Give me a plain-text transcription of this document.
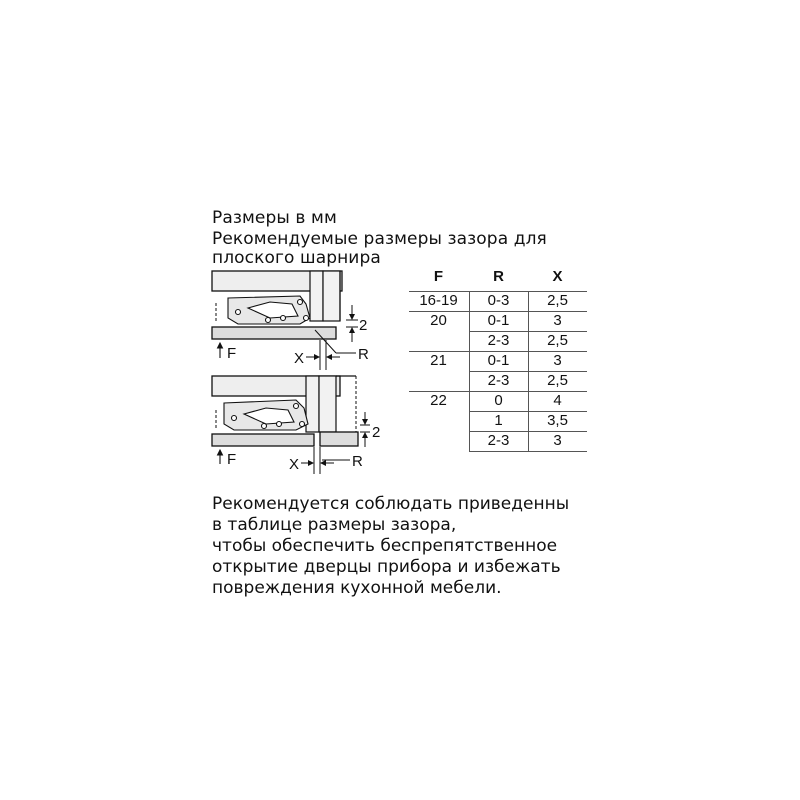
Размеры в мм
Рекомендуемые размеры зазора для
плоского шарнира
F
2
X	R
F
2
X	R
F	R	X
16-19	0-3	2,5
20	0-1	3
2-3	2,5
21	0-1	3
2-3	2,5
22	0	4
1	3,5
2-3	3
Рекомендуется соблюдать приведенны
в таблице размеры зазора,
чтобы обеспечить беспрепятственное
открытие дверцы прибора и избежать
повреждения кухонной мебели.
